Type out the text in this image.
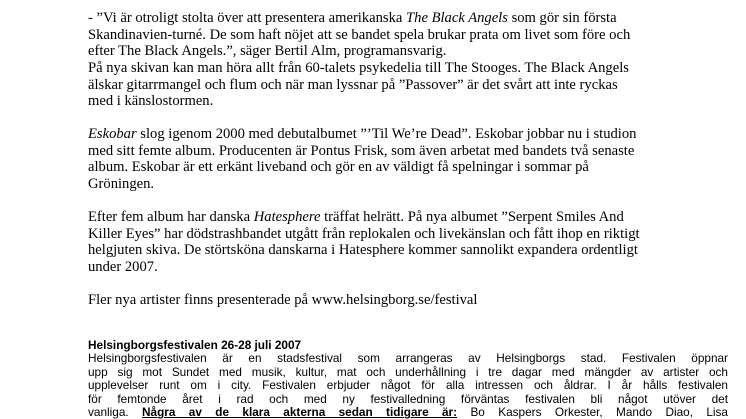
- ”Vi är otroligt stolta över att presentera amerikanska The Black Angels som gör sin första
Skandinavien-turné. De som haft nöjet att se bandet spela brukar prata om livet som före och
efter The Black Angels.”, säger Bertil Alm, programansvarig.

På nya skivan kan man höra allt från 60-talets psykedelia till The Stooges. The Black Angels
älskar gitarrmangel och flum och när man lyssnar på ”Passover” är det svårt att inte ryckas
med i känslostormen.

Eskobar slog igenom 2000 med debutalbumet ”’Til We’re Dead”. Eskobar jobbar nu i studion
med sitt femte album. Producenten är Pontus Frisk, som även arbetat med bandets två senaste
album. Eskobar är ett erkänt liveband och gör en av väldigt få spelningar i sommar på
Gröningen.

Efter fem album har danska Hatesphere träffat helrätt. På nya albumet ”Serpent Smiles And
Killer Eyes” har dödstrashbandet utgått från replokalen och livekänslan och fått ihop en riktigt
helgjuten skiva. De störtsköna danskarna i Hatesphere kommer sannolikt expandera ordentligt
under 2007.

Fler nya artister finns presenterade på www.helsingborg.se/festival

Helsingborgsfestivalen 26-28 juli 2007

Helsingborgsfestivalen är en stadsfestival som arrangeras av Helsingborgs stad. Festivalen öppnar
upp sig mot Sundet med musik, kultur, mat och underhållning i tre dagar med mängder av artister och
upplevelser runt om i city. Festivalen erbjuder något för alla intressen och åldrar. I år hålls festivalen
för femtonde året i rad och med ny festivalledning förväntas festivalen bli något utöver det
vanliga. Några av de klara akterna sedan tidigare är: Bo Kaspers Orkester, Mando Diao, Lisa
